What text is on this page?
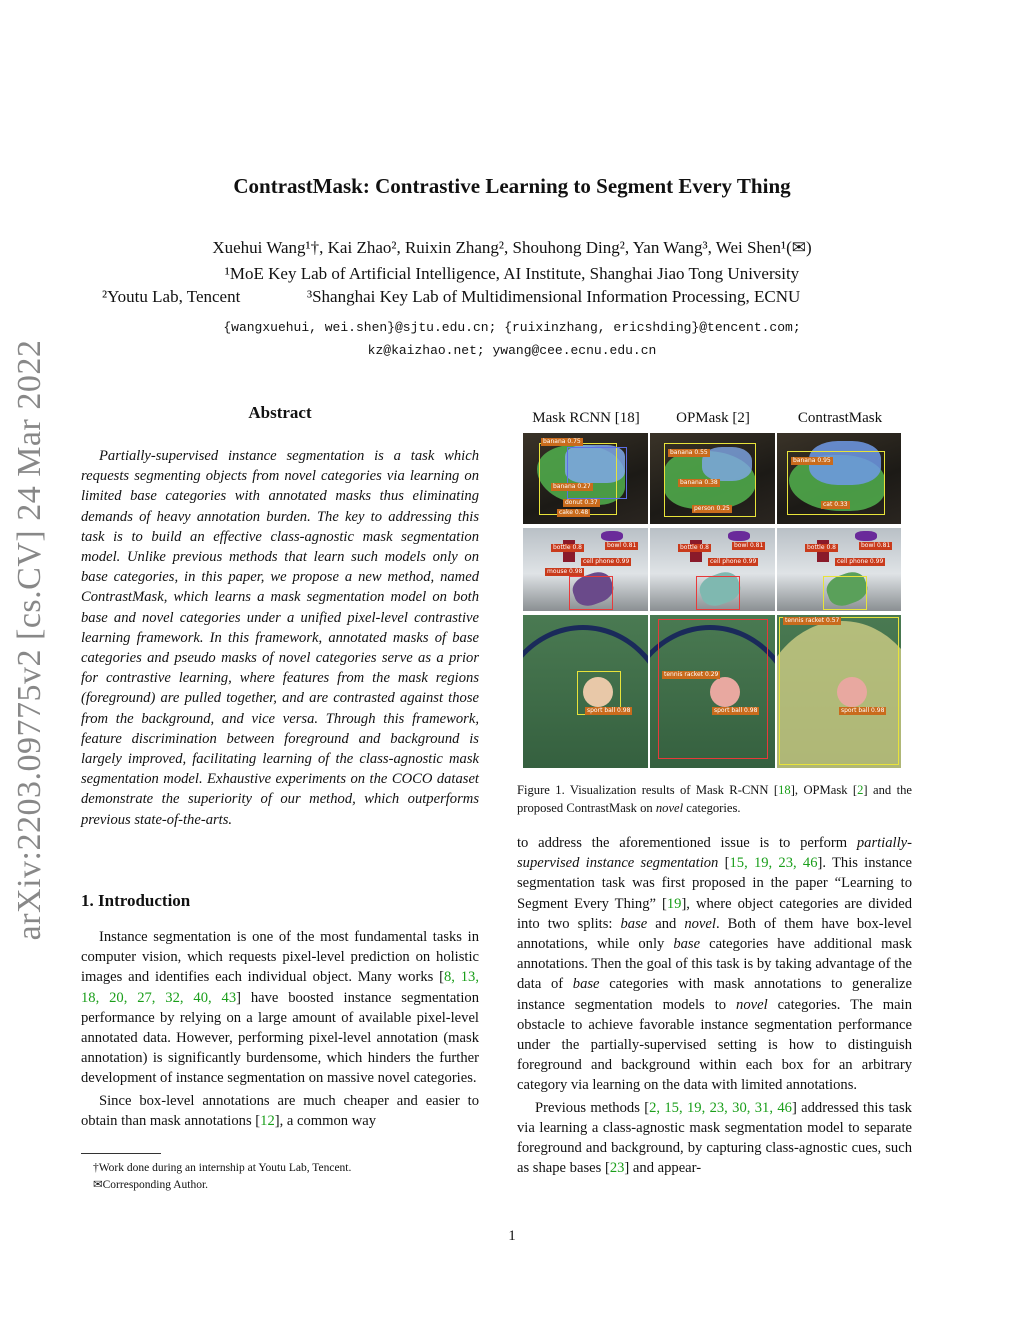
arXiv:2203.09775v2 [cs.CV] 24 Mar 2022
ContrastMask: Contrastive Learning to Segment Every Thing
Xuehui Wang¹†, Kai Zhao², Ruixin Zhang², Shouhong Ding², Yan Wang³, Wei Shen¹(✉)
¹MoE Key Lab of Artificial Intelligence, AI Institute, Shanghai Jiao Tong University
²Youtu Lab, Tencent	³Shanghai Key Lab of Multidimensional Information Processing, ECNU
{wangxuehui, wei.shen}@sjtu.edu.cn; {ruixinzhang, ericshding}@tencent.com;
kz@kaizhao.net; ywang@cee.ecnu.edu.cn
Abstract

Partially-supervised instance segmentation is a task which requests segmenting objects from novel categories via learning on limited base categories with annotated masks thus eliminating demands of heavy annotation burden. The key to addressing this task is to build an effective class-agnostic mask segmentation model. Unlike previous methods that learn such models only on base categories, in this paper, we propose a new method, named ContrastMask, which learns a mask segmentation model on both base and novel categories under a unified pixel-level contrastive learning framework. In this framework, annotated masks of base categories and pseudo masks of novel categories serve as a prior for contrastive learning, where features from the mask regions (foreground) are pulled together, and are contrasted against those from the background, and vice versa. Through this framework, feature discrimination between foreground and background is largely improved, facilitating learning of the class-agnostic mask segmentation model. Exhaustive experiments on the COCO dataset demonstrate the superiority of our method, which outperforms previous state-of-the-arts.

1. Introduction

Instance segmentation is one of the most fundamental tasks in computer vision, which requests pixel-level prediction on holistic images and identifies each individual object. Many works [8, 13, 18, 20, 27, 32, 40, 43] have boosted instance segmentation performance by relying on a large amount of available pixel-level annotated data. However, performing pixel-level annotation (mask annotation) is significantly burdensome, which hinders the further development of instance segmentation on massive novel categories.

Since box-level annotations are much cheaper and easier to obtain than mask annotations [12], a common way

Mask RCNN [18]	OPMask [2]	ContrastMask
banana 0.75
banana 0.27
donut 0.37
cake 0.48
banana 0.55
banana 0.38
person 0.25
banana 0.95
cat 0.33
bottle 0.8	bowl 0.81
cell phone 0.99
mouse 0.98
bottle 0.8	bowl 0.81
cell phone 0.99
bottle 0.8	bowl 0.81
cell phone 0.99
sport ball 0.98
tennis racket 0.29
sport ball 0.98
tennis racket 0.57
sport ball 0.98
Figure 1. Visualization results of Mask R-CNN [18], OPMask [2] and the proposed ContrastMask on novel categories.

to address the aforementioned issue is to perform partially-supervised instance segmentation [15, 19, 23, 46]. This instance segmentation task was first proposed in the paper “Learning to Segment Every Thing” [19], where object categories are divided into two splits: base and novel. Both of them have box-level annotations, while only base categories have additional mask annotations. Then the goal of this task is by taking advantage of the data of base categories with mask annotations to generalize instance segmentation models to novel categories. The main obstacle to achieve favorable instance segmentation performance under the partially-supervised setting is how to distinguish foreground and background within each box for an arbitrary category via learning on the data with limited annotations.

Previous methods [2, 15, 19, 23, 30, 31, 46] addressed this task via learning a class-agnostic mask segmentation model to separate foreground and background, by capturing class-agnostic cues, such as shape bases [23] and appear-

†Work done during an internship at Youtu Lab, Tencent.
✉Corresponding Author.
1
